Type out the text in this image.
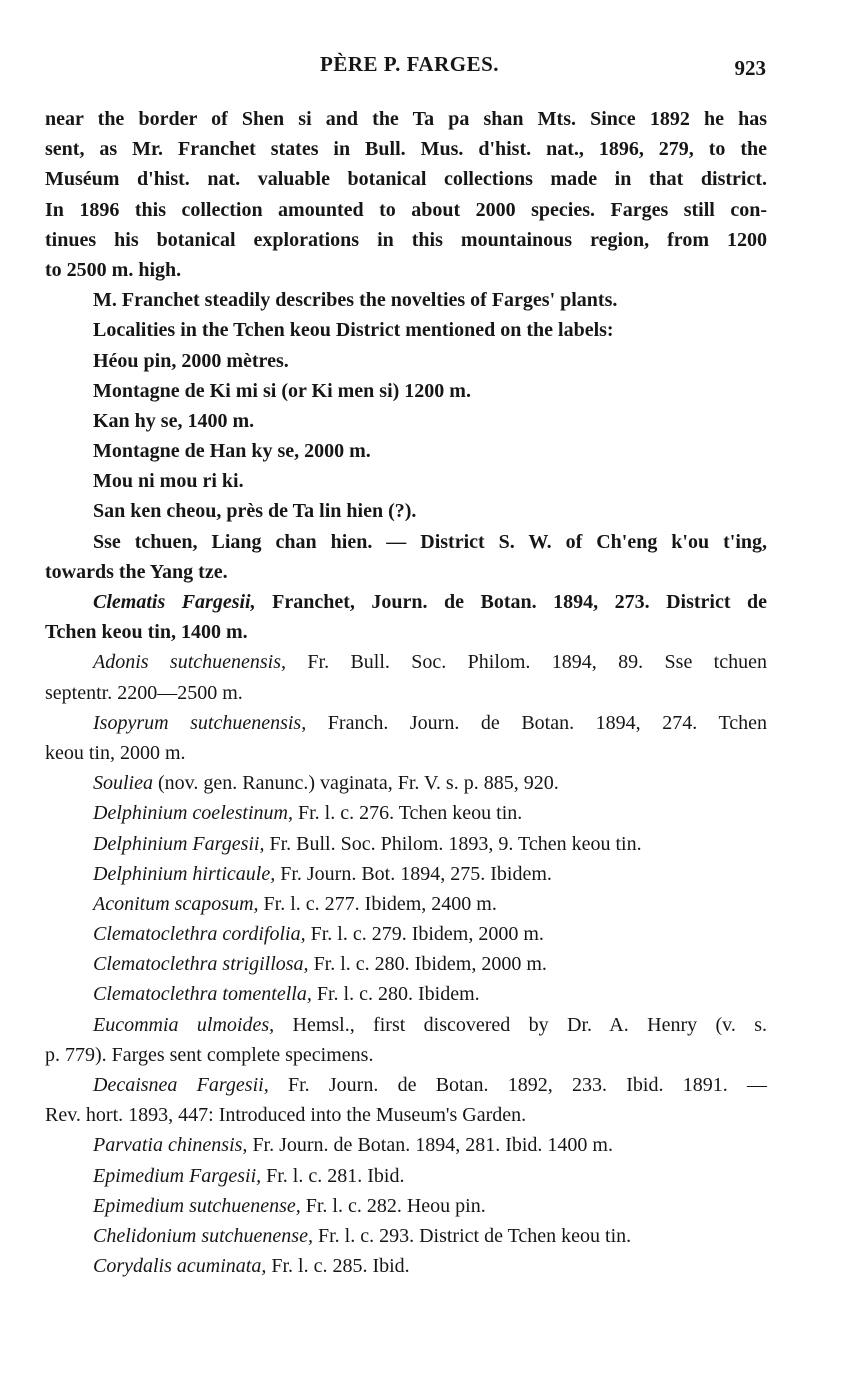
PÈRE P. FARGES.	923
near the border of Shen si and the Ta pa shan Mts. Since 1892 he has
sent, as Mr. Franchet states in Bull. Mus. d'hist. nat., 1896, 279, to the
Muséum d'hist. nat. valuable botanical collections made in that district.
In 1896 this collection amounted to about 2000 species. Farges still con-
tinues his botanical explorations in this mountainous region, from 1200
to 2500 m. high.
M. Franchet steadily describes the novelties of Farges' plants.
Localities in the Tchen keou District mentioned on the labels:
Héou pin, 2000 mètres.
Montagne de Ki mi si (or Ki men si) 1200 m.
Kan hy se, 1400 m.
Montagne de Han ky se, 2000 m.
Mou ni mou ri ki.
San ken cheou, près de Ta lin hien (?).
Sse tchuen, Liang chan hien. — District S. W. of Ch'eng k'ou t'ing,
towards the Yang tze.
Clematis Fargesii, Franchet, Journ. de Botan. 1894, 273. District de
Tchen keou tin, 1400 m.
Adonis sutchuenensis, Fr. Bull. Soc. Philom. 1894, 89. Sse tchuen
septentr. 2200—2500 m.
Isopyrum sutchuenensis, Franch. Journ. de Botan. 1894, 274. Tchen
keou tin, 2000 m.
Souliea (nov. gen. Ranunc.) vaginata, Fr. V. s. p. 885, 920.
Delphinium coelestinum, Fr. l. c. 276. Tchen keou tin.
Delphinium Fargesii, Fr. Bull. Soc. Philom. 1893, 9. Tchen keou tin.
Delphinium hirticaule, Fr. Journ. Bot. 1894, 275. Ibidem.
Aconitum scaposum, Fr. l. c. 277. Ibidem, 2400 m.
Clematoclethra cordifolia, Fr. l. c. 279. Ibidem, 2000 m.
Clematoclethra strigillosa, Fr. l. c. 280. Ibidem, 2000 m.
Clematoclethra tomentella, Fr. l. c. 280. Ibidem.
Eucommia ulmoides, Hemsl., first discovered by Dr. A. Henry (v. s.
p. 779). Farges sent complete specimens.
Decaisnea Fargesii, Fr. Journ. de Botan. 1892, 233. Ibid. 1891. —
Rev. hort. 1893, 447: Introduced into the Museum's Garden.
Parvatia chinensis, Fr. Journ. de Botan. 1894, 281. Ibid. 1400 m.
Epimedium Fargesii, Fr. l. c. 281. Ibid.
Epimedium sutchuenense, Fr. l. c. 282. Heou pin.
Chelidonium sutchuenense, Fr. l. c. 293. District de Tchen keou tin.
Corydalis acuminata, Fr. l. c. 285. Ibid.
